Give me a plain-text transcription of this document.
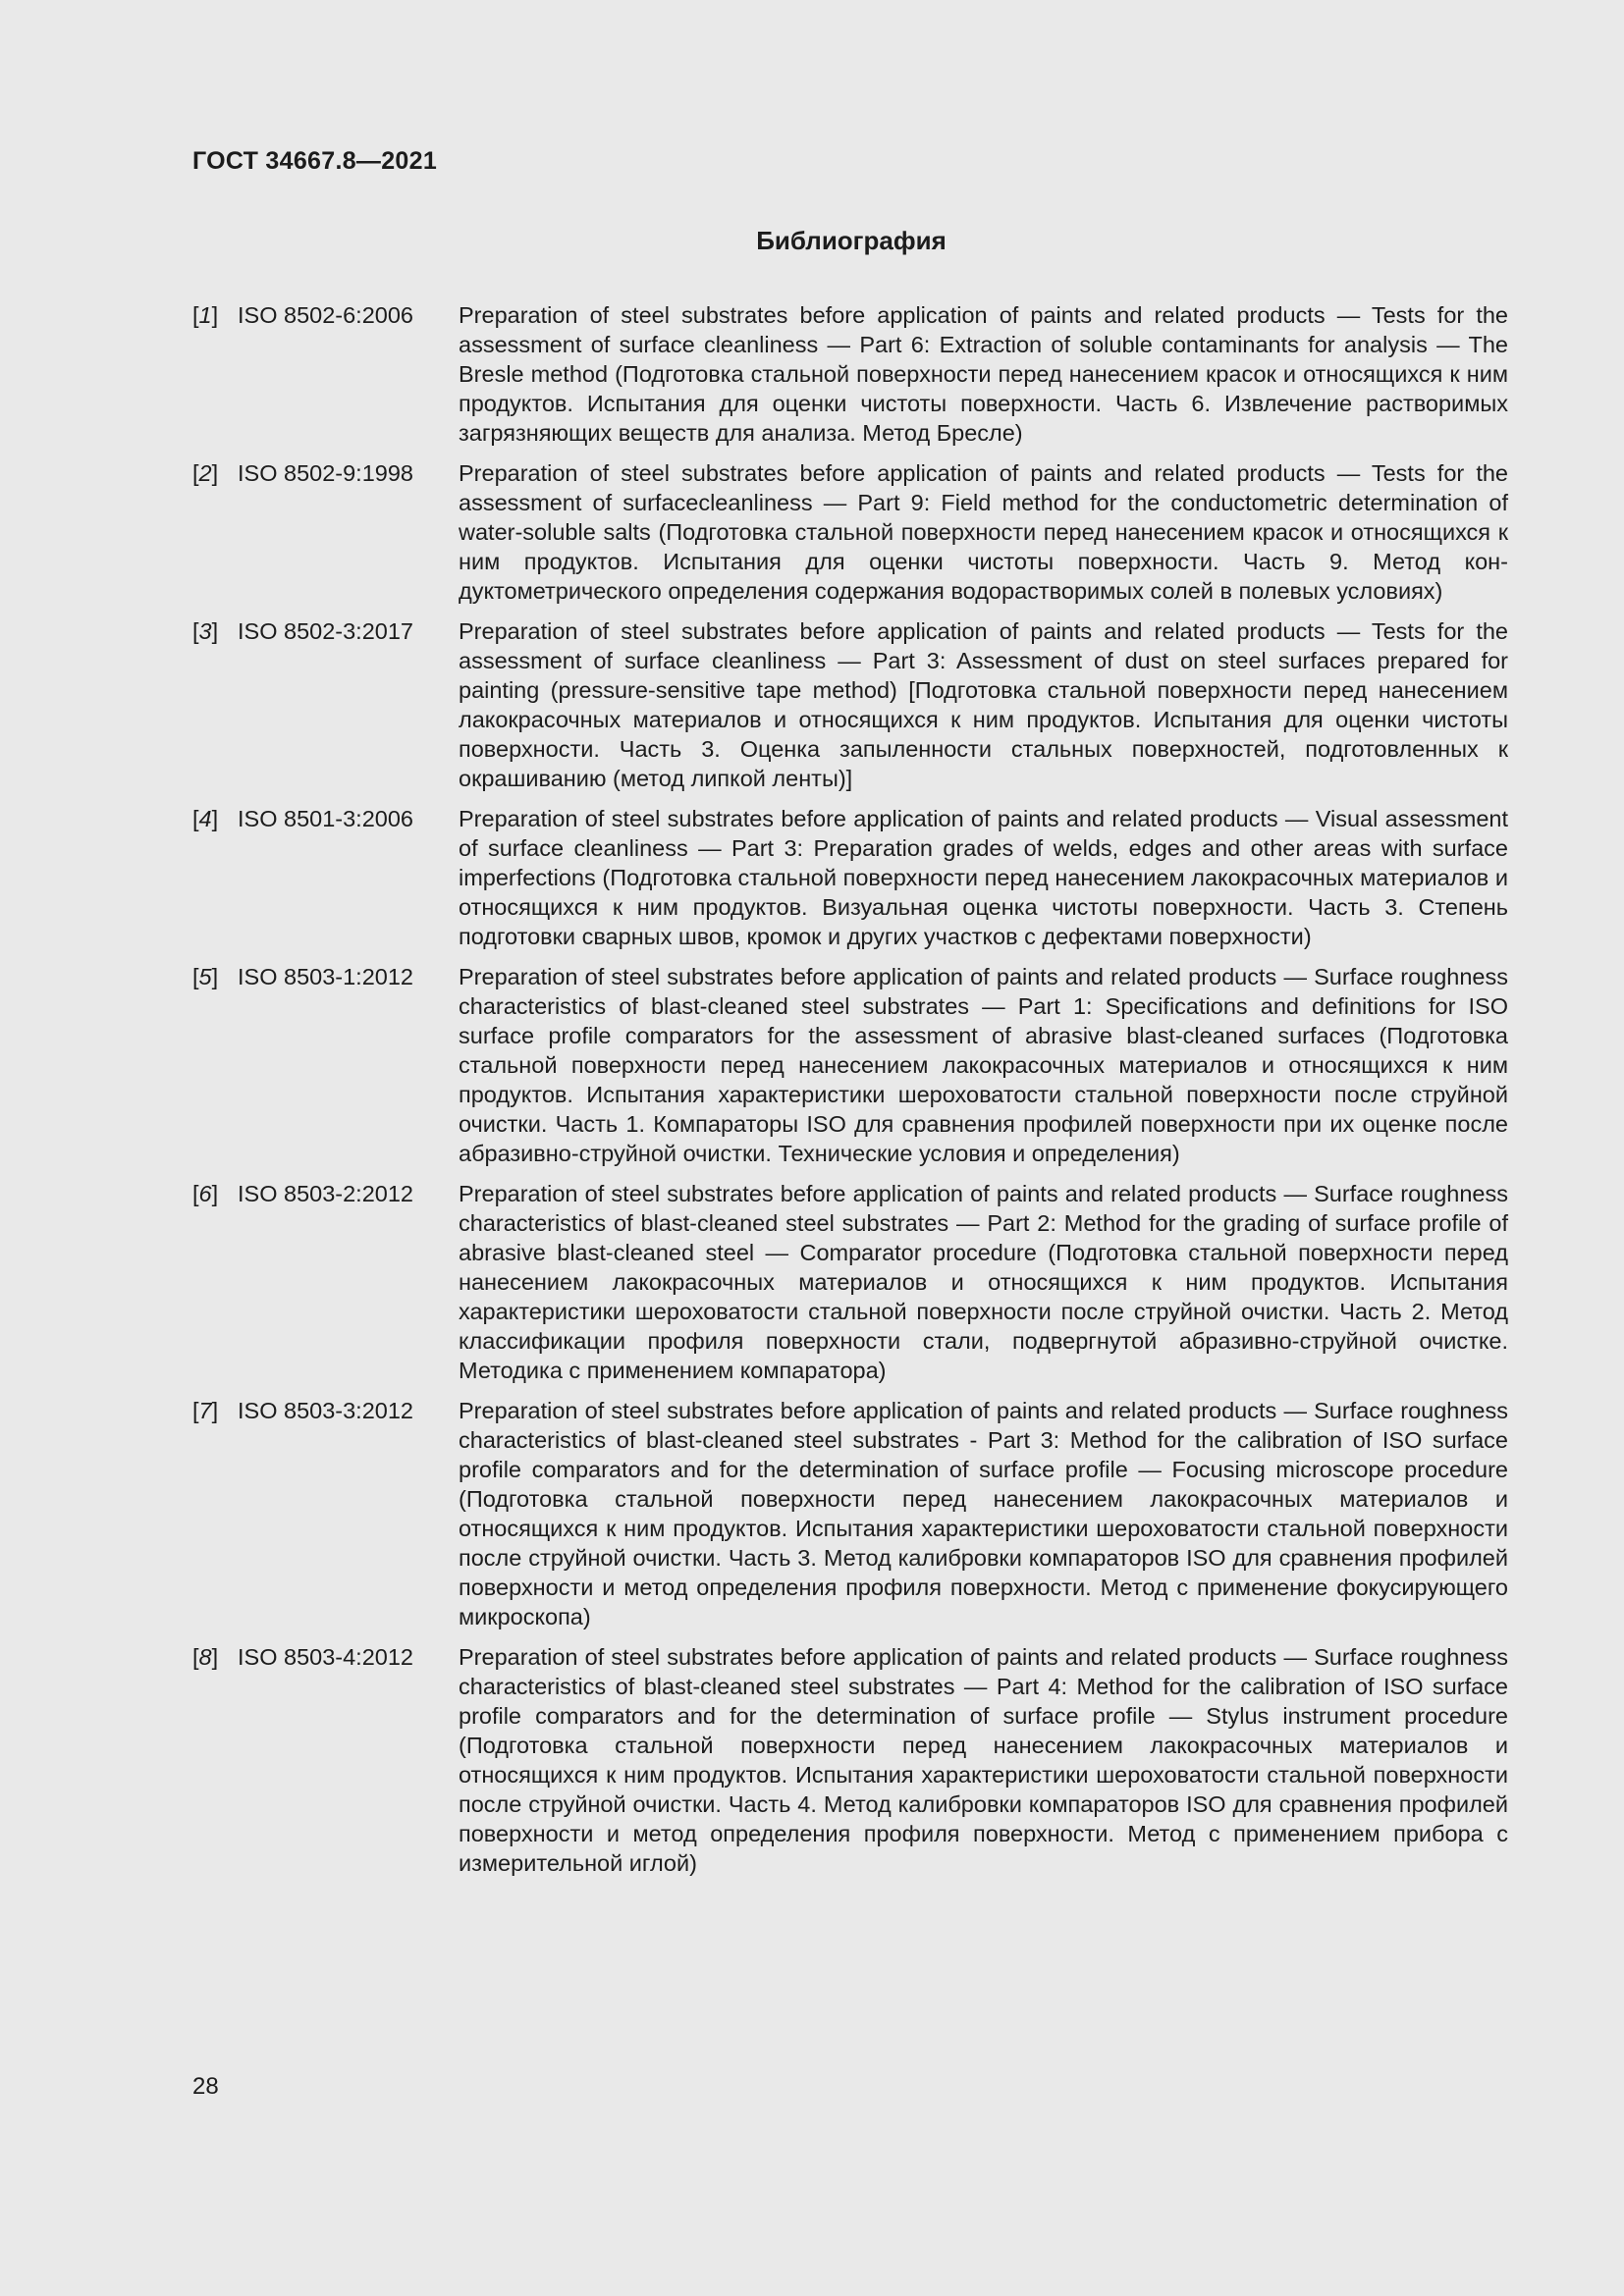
ГОСТ 34667.8—2021
Библиография
[1] ISO 8502-6:2006 Preparation of steel substrates before application of paints and related products — Tests for the assessment of surface cleanliness — Part 6: Extraction of soluble contaminants for analysis — The Bresle method (Подготовка стальной поверхности перед нанесением красок и относящихся к ним продуктов. Испытания для оценки чистоты поверхности. Часть 6. Извлечение растворимых загрязняющих веществ для анализа. Метод Бресле)
[2] ISO 8502-9:1998 Preparation of steel substrates before application of paints and related products — Tests for the assessment of surfacecleanliness — Part 9: Field method for the conductometric determination of water-soluble salts (Подготовка стальной поверхности перед нанесением красок и относящихся к ним продуктов. Испытания для оценки чистоты поверхности. Часть 9. Метод кондуктометрического определения содержания водорастворимых солей в полевых условиях)
[3] ISO 8502-3:2017 Preparation of steel substrates before application of paints and related products — Tests for the assessment of surface cleanliness — Part 3: Assessment of dust on steel surfaces prepared for painting (pressure-sensitive tape method) [Подготовка стальной поверхности перед нанесением лакокрасочных материалов и относящихся к ним продуктов. Испытания для оценки чистоты поверхности. Часть 3. Оценка запыленности стальных поверхностей, подготовленных к окрашиванию (метод липкой ленты)]
[4] ISO 8501-3:2006 Preparation of steel substrates before application of paints and related products — Visual assessment of surface cleanliness — Part 3: Preparation grades of welds, edges and other areas with surface imperfections (Подготовка стальной поверхности перед нанесением лакокрасочных материалов и относящихся к ним продуктов. Визуальная оценка чистоты поверхности. Часть 3. Степень подготовки сварных швов, кромок и других участков с дефектами поверхности)
[5] ISO 8503-1:2012 Preparation of steel substrates before application of paints and related products — Surface roughness characteristics of blast-cleaned steel substrates — Part 1: Specifications and definitions for ISO surface profile comparators for the assessment of abrasive blast-cleaned surfaces (Подготовка стальной поверхности перед нанесением лакокрасочных материалов и относящихся к ним продуктов. Испытания характеристики шероховатости стальной поверхности после струйной очистки. Часть 1. Компараторы ISO для сравнения профилей поверхности при их оценке после абразивно-струйной очистки. Технические условия и определения)
[6] ISO 8503-2:2012 Preparation of steel substrates before application of paints and related products — Surface roughness characteristics of blast-cleaned steel substrates — Part 2: Method for the grading of surface profile of abrasive blast-cleaned steel — Comparator procedure (Подготовка стальной поверхности перед нанесением лакокрасочных материалов и относящихся к ним продуктов. Испытания характеристики шероховатости стальной поверхности после струйной очистки. Часть 2. Метод классификации профиля поверхности стали, подвергнутой абразивно-струйной очистке. Методика с применением компаратора)
[7] ISO 8503-3:2012 Preparation of steel substrates before application of paints and related products — Surface roughness characteristics of blast-cleaned steel substrates - Part 3: Method for the calibration of ISO surface profile comparators and for the determination of surface profile — Focusing microscope procedure (Подготовка стальной поверхности перед нанесением лакокрасочных материалов и относящихся к ним продуктов. Испытания характеристики шероховатости стальной поверхности после струйной очистки. Часть 3. Метод калибровки компараторов ISO для сравнения профилей поверхности и метод определения профиля поверхности. Метод с применение фокусирующего микроскопа)
[8] ISO 8503-4:2012 Preparation of steel substrates before application of paints and related products — Surface roughness characteristics of blast-cleaned steel substrates — Part 4: Method for the calibration of ISO surface profile comparators and for the determination of surface profile — Stylus instrument procedure (Подготовка стальной поверхности перед нанесением лакокрасочных материалов и относящихся к ним продуктов. Испытания характеристики шероховатости стальной поверхности после струйной очистки. Часть 4. Метод калибровки компараторов ISO для сравнения профилей поверхности и метод определения профиля поверхности. Метод с применением прибора с измерительной иглой)
28
